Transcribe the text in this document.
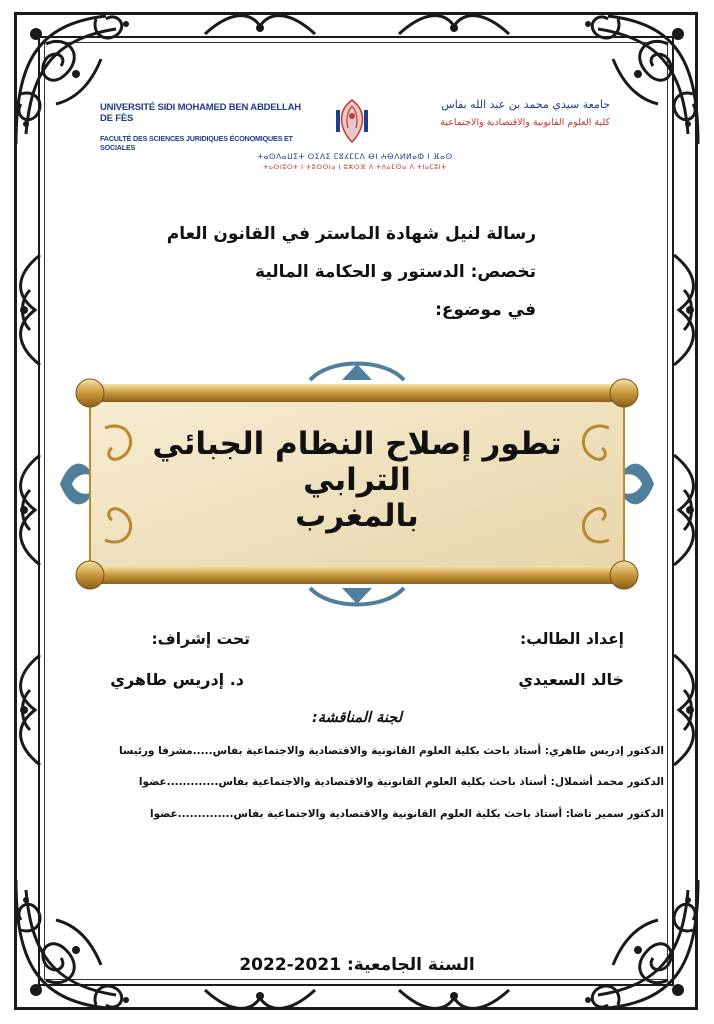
UNIVERSITÉ SIDI MOHAMED BEN ABDELLAH DE FÈS
FACULTÉ DES SCIENCES JURIDIQUES ÉCONOMIQUES ET SOCIALES
جامعة سيدي محمد بن عبد الله بفاس
كلية العلوم القانونية والاقتصادية والاجتماعية
ⵜⴰⵙⴷⴰⵡⵉⵜ ⵙⵉⴷⵉ ⵎⵓⵃⵎⵎⴷ ⴱⵏ ⵄⴱⴷⵍⵍⴰⵀ ⵏ ⴼⴰⵙ
ⵜⴰⵙⵏⵓⵔⵜ ⵏ ⵜⵓⵙⵙⵏⴰ ⵏ ⵓⵣⵔⴼ ⴷ ⵜⴷⴰⵎⵙⴰ ⴷ ⵜⵏⴰⵎⵓⵏⵜ
رسالة لنيل شهادة الماستر في القانون العام
تخصص: الدستور و الحكامة المالية
في موضوع:
تطور إصلاح النظام الجبائي الترابي
بالمغرب
إعداد الطالب:
تحت إشراف:
خالد السعيدي
د. إدريس طاهري
لجنة المناقشة:
الدكتور إدريس طاهري: أستاذ باحث بكلية العلوم القانونية والاقتصادية والاجتماعية بفاس.....مشرفا ورئيسا
الدكتور محمد أشملال: أستاذ باحث بكلية العلوم القانونية والاقتصادية والاجتماعية بفاس.............عضوا
الدكتور سمير تاضا: أستاذ باحث بكلية العلوم القانونية والاقتصادية والاجتماعية بفاس..............عضوا
السنة الجامعية: 2021-2022
